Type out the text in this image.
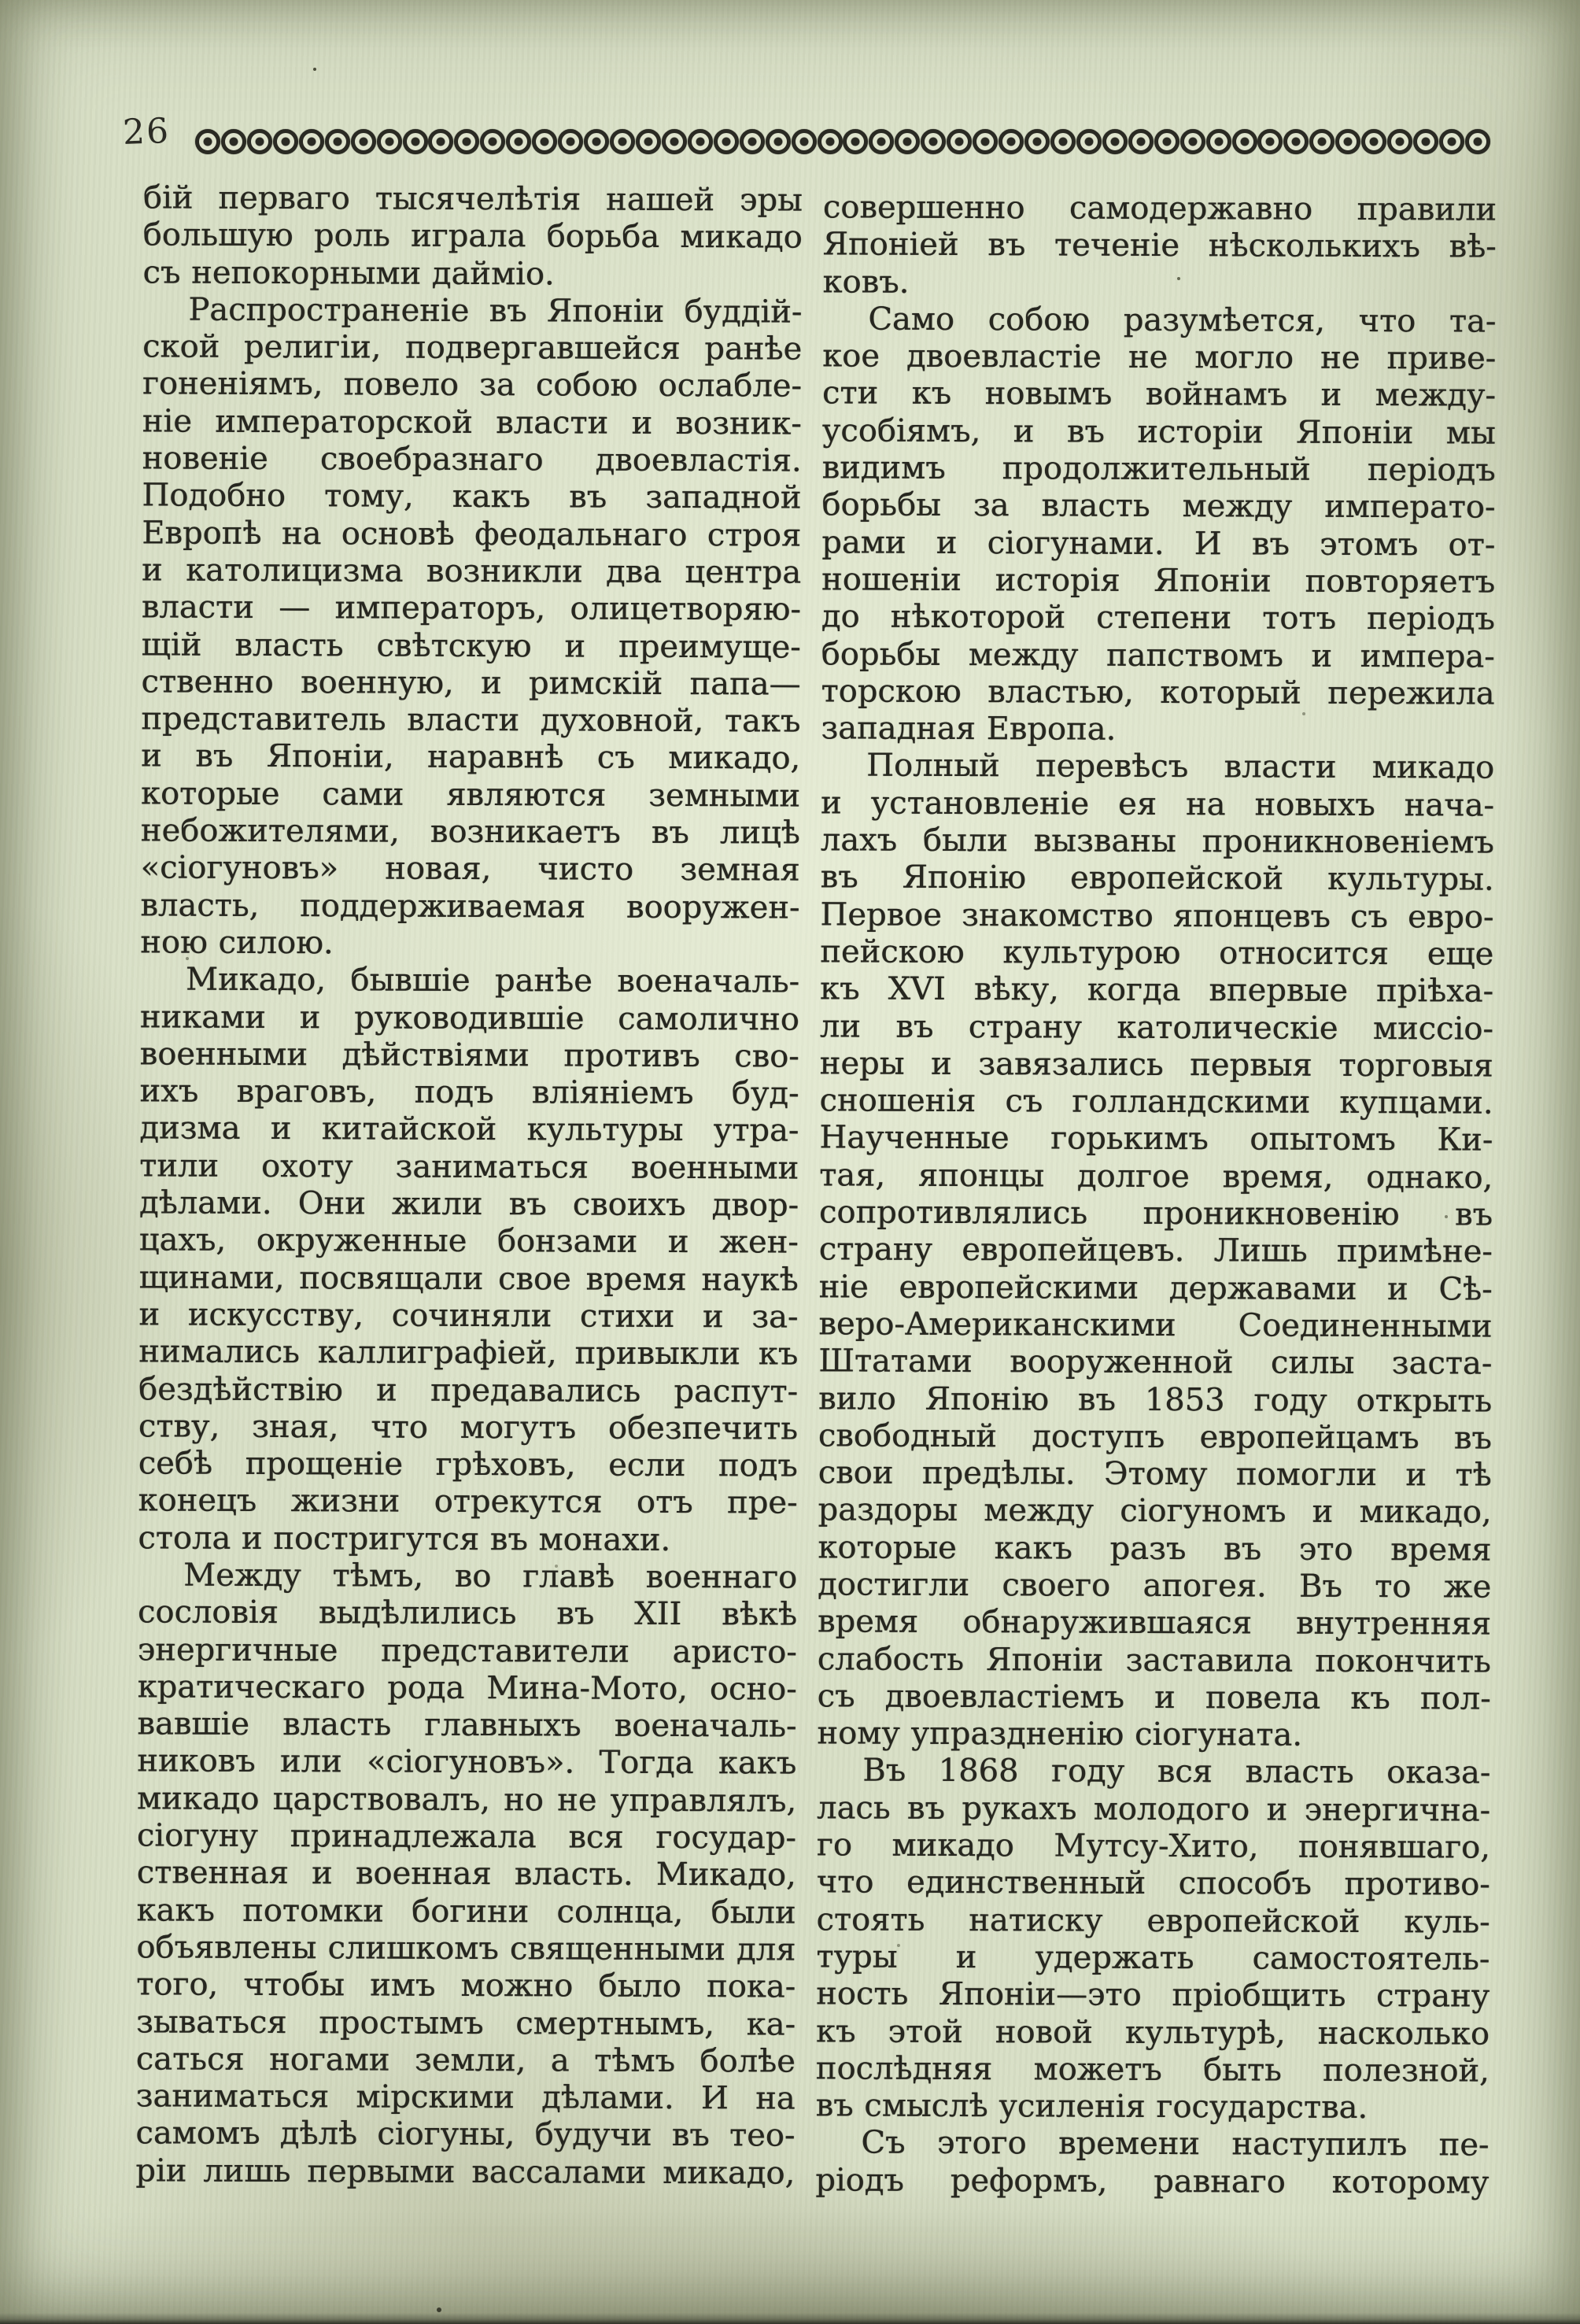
26
бій перваго тысячелѣтія нашей эры
большую роль играла борьба микадо
съ непокорными дайміо.
Распространеніе въ Японіи буддій-
ской религіи, подвергавшейся ранѣе
гоненіямъ, повело за собою ослабле-
ніе императорской власти и возник-
новеніе своебразнаго двоевластія.
Подобно тому, какъ въ западной
Европѣ на основѣ феодальнаго строя
и католицизма возникли два центра
власти — императоръ, олицетворяю-
щій власть свѣтскую и преимуще-
ственно военную, и римскій папа—
представитель власти духовной, такъ
и въ Японіи, наравнѣ съ микадо,
которые сами являются земными
небожителями, возникаетъ въ лицѣ
«сіогуновъ» новая, чисто земная
власть, поддерживаемая вооружен-
ною силою.
Микадо, бывшіе ранѣе военачаль-
никами и руководившіе самолично
военными дѣйствіями противъ сво-
ихъ враговъ, подъ вліяніемъ буд-
дизма и китайской культуры утра-
тили охоту заниматься военными
дѣлами. Они жили въ своихъ двор-
цахъ, окруженные бонзами и жен-
щинами, посвящали свое время наукѣ
и искусству, сочиняли стихи и за-
нимались каллиграфіей, привыкли къ
бездѣйствію и предавались распут-
ству, зная, что могутъ обезпечить
себѣ прощеніе грѣховъ, если подъ
конецъ жизни отрекутся отъ пре-
стола и постригутся въ монахи.
Между тѣмъ, во главѣ военнаго
сословія выдѣлились въ XII вѣкѣ
энергичные представители аристо-
кратическаго рода Мина-Мото, осно-
вавшіе власть главныхъ военачаль-
никовъ или «сіогуновъ». Тогда какъ
микадо царствовалъ, но не управлялъ,
сіогуну принадлежала вся государ-
ственная и военная власть. Микадо,
какъ потомки богини солнца, были
объявлены слишкомъ священными для
того, чтобы имъ можно было пока-
зываться простымъ смертнымъ, ка-
саться ногами земли, а тѣмъ болѣе
заниматься мірскими дѣлами. И на
самомъ дѣлѣ сіогуны, будучи въ тео-
ріи лишь первыми вассалами микадо,
совершенно самодержавно правили
Японіей въ теченіе нѣсколькихъ вѣ-
ковъ.
Само собою разумѣется, что та-
кое двоевластіе не могло не приве-
сти къ новымъ войнамъ и между-
усобіямъ, и въ исторіи Японіи мы
видимъ продолжительный періодъ
борьбы за власть между императо-
рами и сіогунами. И въ этомъ от-
ношеніи исторія Японіи повторяетъ
до нѣкоторой степени тотъ періодъ
борьбы между папствомъ и импера-
торскою властью, который пережила
западная Европа.
Полный перевѣсъ власти микадо
и установленіе ея на новыхъ нача-
лахъ были вызваны проникновеніемъ
въ Японію европейской культуры.
Первое знакомство японцевъ съ евро-
пейскою культурою относится еще
къ XVI вѣку, когда впервые пріѣха-
ли въ страну католическіе миссіо-
неры и завязались первыя торговыя
сношенія съ голландскими купцами.
Наученные горькимъ опытомъ Ки-
тая, японцы долгое время, однако,
сопротивлялись проникновенію въ
страну европейцевъ. Лишь примѣне-
ніе европейскими державами и Сѣ-
веро-Американскими Соединенными
Штатами вооруженной силы заста-
вило Японію въ 1853 году открыть
свободный доступъ европейцамъ въ
свои предѣлы. Этому помогли и тѣ
раздоры между сіогуномъ и микадо,
которые какъ разъ въ это время
достигли своего апогея. Въ то же
время обнаружившаяся внутренняя
слабость Японіи заставила покончить
съ двоевластіемъ и повела къ пол-
ному упраздненію сіогуната.
Въ 1868 году вся власть оказа-
лась въ рукахъ молодого и энергична-
го микадо Мутсу-Хито, понявшаго,
что единственный способъ противо-
стоять натиску европейской куль-
туры и удержать самостоятель-
ность Японіи—это пріобщить страну
къ этой новой культурѣ, насколько
послѣдняя можетъ быть полезной,
въ смыслѣ усиленія государства.
Съ этого времени наступилъ пе-
ріодъ реформъ, равнаго которому
